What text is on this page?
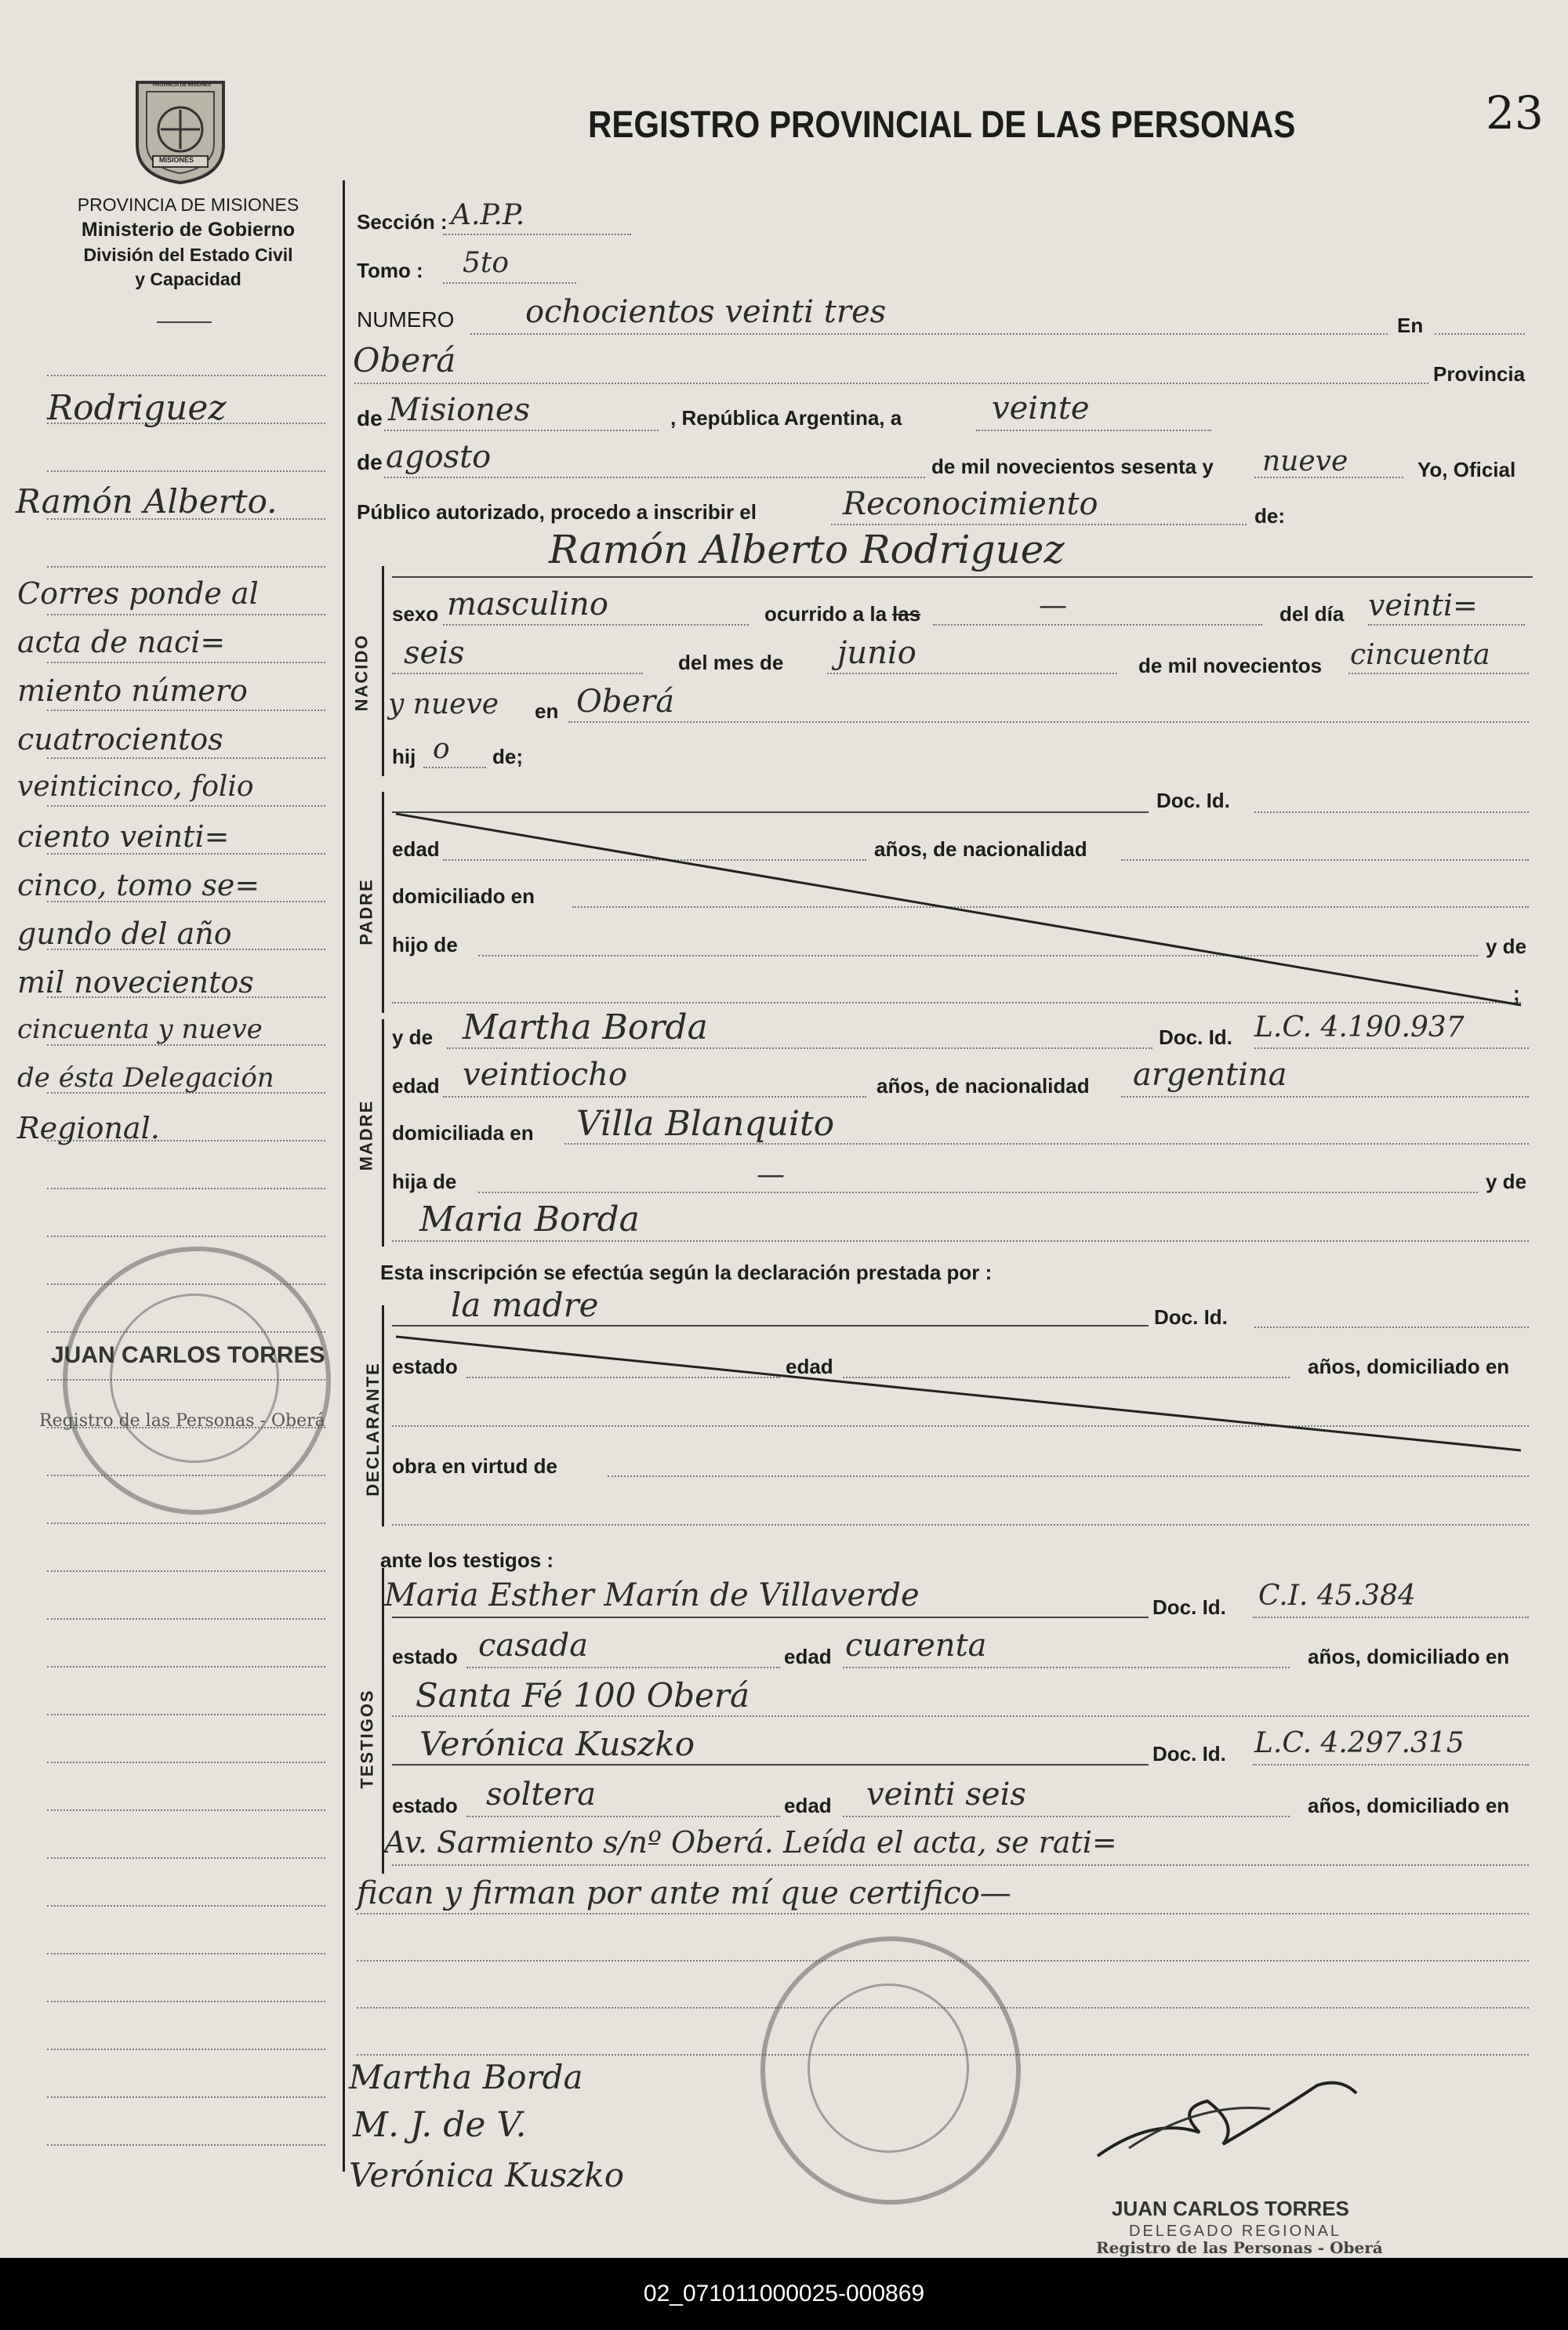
MISIONES
PROVINCIA DE MISIONES
PROVINCIA DE MISIONES
Ministerio de Gobierno
División del Estado Civil
y Capacidad
REGISTRO PROVINCIAL DE LAS PERSONAS	23
NACIDO
PADRE
MADRE
DECLARANTE
TESTIGOS
Rodriguez
Ramón Alberto.
Corres ponde al
acta de naci=
miento número
cuatrocientos
veinticinco, folio
ciento veinti=
cinco, tomo se=
gundo del año
mil novecientos
cincuenta y nueve
de ésta Delegación
Regional.
JUAN CARLOS TORRES
Registro de las Personas - Oberá
Sección : A.P.P.
Tomo : 5to
NUMERO ochocientos veinti tres	En
Oberá	Provincia
de Misiones	, República Argentina, a	veinte
de agosto	de mil novecientos sesenta y nueve	Yo, Oficial
Público autorizado, procedo a inscribir el	Reconocimiento	de:
Ramón Alberto Rodriguez
sexo masculino	ocurrido a la las	—	del día veinti=
seis	del mes de junio	de mil novecientos cincuenta
y nueve en Oberá
hij o de;
Doc. Id.
edad	años, de nacionalidad
domiciliado en
hijo de	y de
;
y de Martha Borda	Doc. Id. L.C. 4.190.937
edad veintiocho	años, de nacionalidad argentina
domiciliada en Villa Blanquito
hija de	—	y de
Maria Borda
Esta inscripción se efectúa según la declaración prestada por :
la madre	Doc. Id.
estado	edad	años, domiciliado en
obra en virtud de
ante los testigos :
Maria Esther Marín de Villaverde	Doc. Id. C.I. 45.384
estado casada	edad cuarenta	años, domiciliado en
Santa Fé 100 Oberá
Verónica Kuszko	Doc. Id. L.C. 4.297.315
estado soltera	edad veinti seis	años, domiciliado en
Av. Sarmiento s/nº Oberá. Leída el acta, se rati=
fican y firman por ante mí que certifico—
Martha Borda
M. J. de V.
Verónica Kuszko
JUAN CARLOS TORRES
DELEGADO REGIONAL
Registro de las Personas - Oberá
02_071011000025-000869
